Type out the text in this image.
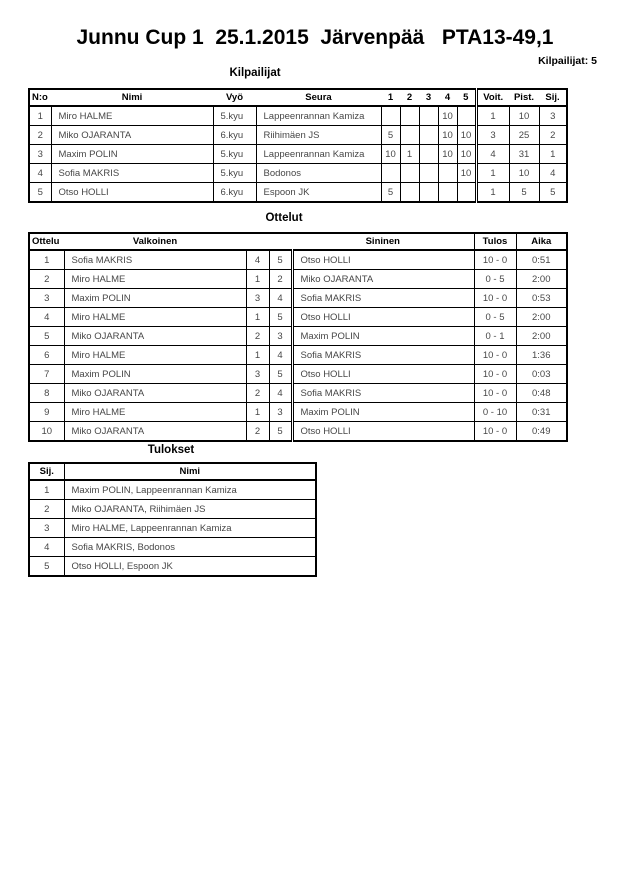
Junnu Cup 1  25.1.2015  Järvenpää   PTA13-49,1
Kilpailijat: 5
Kilpailijat
N:o	Nimi	Vyö	Seura	1	2	3	4	5	Voit.	Pist.	Sij.
1	Miro HALME	5.kyu	Lappeenrannan Kamiza				10		1	10	3
2	Miko OJARANTA	6.kyu	Riihimäen JS	5			10	10	3	25	2
3	Maxim POLIN	5.kyu	Lappeenrannan Kamiza	10	1		10	10	4	31	1
4	Sofia MAKRIS	5.kyu	Bodonos					10	1	10	4
5	Otso HOLLI	6.kyu	Espoon JK	5					1	5	5
Ottelut
Ottelu	Valkoinen			Sininen	Tulos	Aika
1	Sofia MAKRIS	4	5	Otso HOLLI	10 - 0	0:51
2	Miro HALME	1	2	Miko OJARANTA	0 - 5	2:00
3	Maxim POLIN	3	4	Sofia MAKRIS	10 - 0	0:53
4	Miro HALME	1	5	Otso HOLLI	0 - 5	2:00
5	Miko OJARANTA	2	3	Maxim POLIN	0 - 1	2:00
6	Miro HALME	1	4	Sofia MAKRIS	10 - 0	1:36
7	Maxim POLIN	3	5	Otso HOLLI	10 - 0	0:03
8	Miko OJARANTA	2	4	Sofia MAKRIS	10 - 0	0:48
9	Miro HALME	1	3	Maxim POLIN	0 - 10	0:31
10	Miko OJARANTA	2	5	Otso HOLLI	10 - 0	0:49
Tulokset
Sij.	Nimi
1	Maxim POLIN, Lappeenrannan Kamiza
2	Miko OJARANTA, Riihimäen JS
3	Miro HALME, Lappeenrannan Kamiza
4	Sofia MAKRIS, Bodonos
5	Otso HOLLI, Espoon JK
